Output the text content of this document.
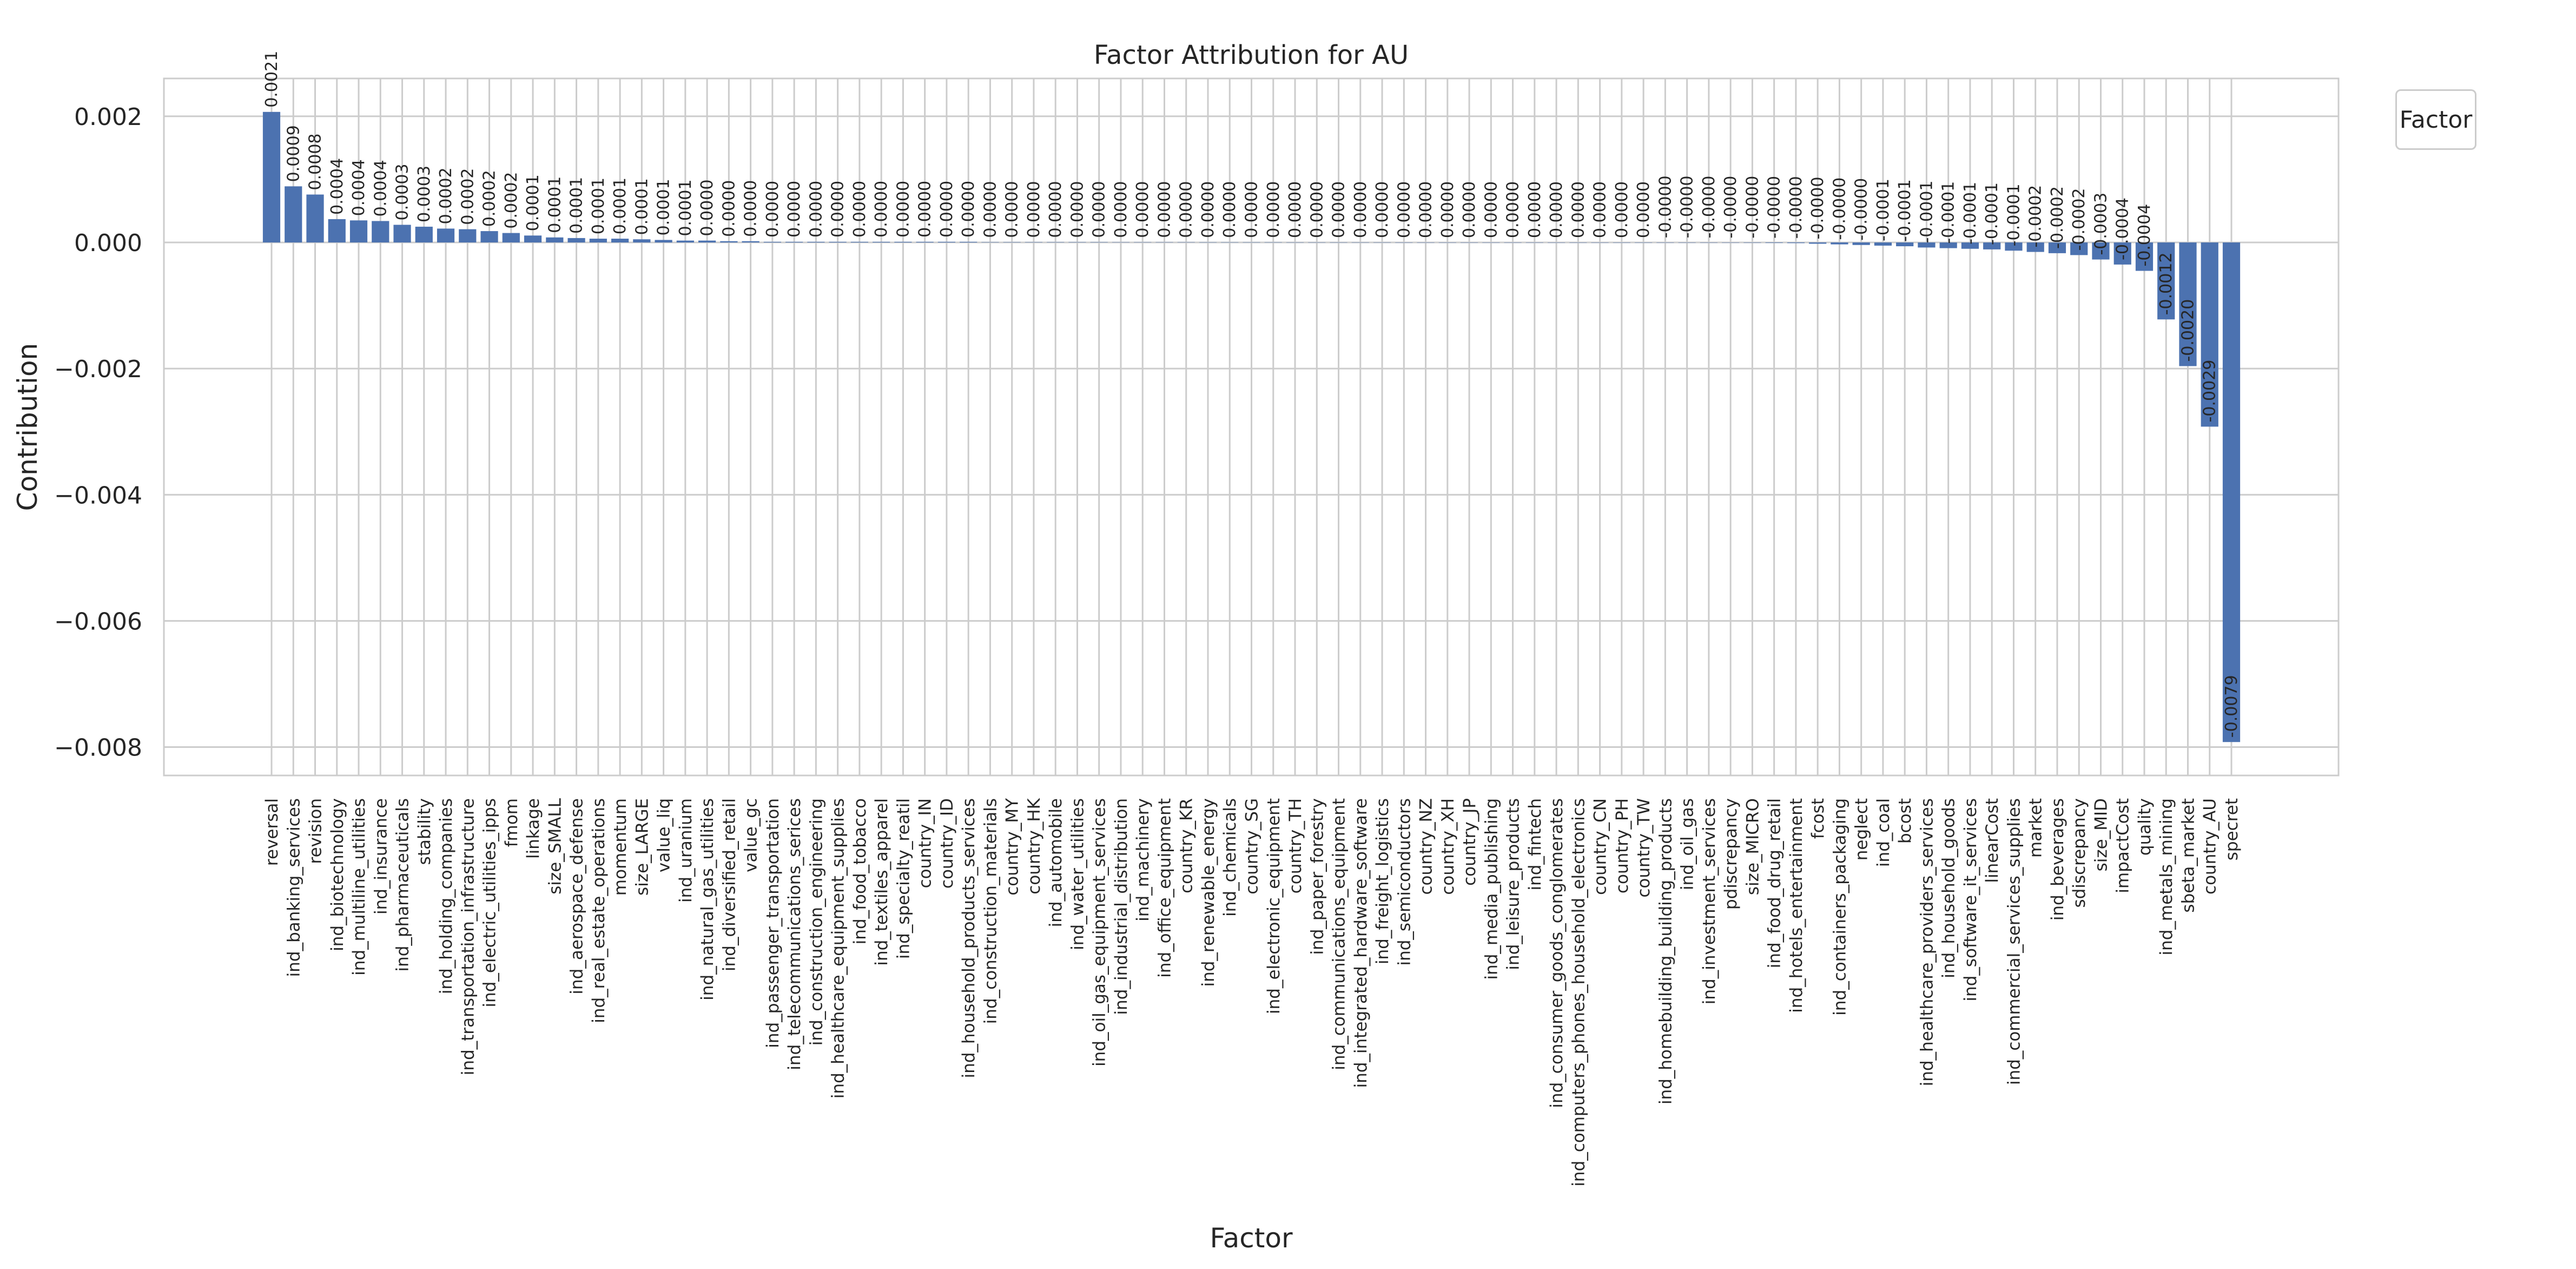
0.0021
0.0009 0.0008 0.0004 0.0004 0.0004 0.0003 0.0003 0.0002 0.0002 0.0002 0.0002 0.0001 0.0001 0.0001 0.0001 0.0001 0.0001 0.0001 0.0001 0.0000 0.0000 0.0000 0.0000 0.0000 0.0000 0.0000 0.0000 0.0000 0.0000 0.0000 0.0000 0.0000 0.0000 0.0000 0.0000 0.0000 0.0000 0.0000 0.0000 0.0000 0.0000 0.0000 0.0000 0.0000 0.0000 0.0000 0.0000 0.0000 0.0000 0.0000 0.0000 0.0000 0.0000 0.0000 0.0000 0.0000 0.0000 0.0000 0.0000 0.0000 0.0000 0.0000 0.0000 -0.0000 -0.0000 -0.0000 -0.0000 -0.0000 -0.0000 -0.0000 -0.0000 -0.0000 -0.0000 -0.0001 -0.0001 -0.0001 -0.0001 -0.0001 -0.0001 -0.0001 -0.0002 -0.0002 -0.0002 -0.0003 -0.0004 -0.0004
-0.0012
-0.0020
-0.0029
-0.0079
0.002
0.000
−0.002
−0.004
−0.006
−0.008
reversal ind_banking_services revision ind_biotechnology ind_multiline_utilities ind_insurance ind_pharmaceuticals stability ind_holding_companies ind_transportation_infrastructure ind_electric_utilities_ipps fmom linkage size_SMALL ind_aerospace_defense ind_real_estate_operations momentum size_LARGE value_liq ind_uranium ind_natural_gas_utilities ind_diversified_retail value_gc ind_passenger_transportation ind_telecommunications_serices ind_construction_engineering ind_healthcare_equipment_supplies ind_food_tobacco ind_textiles_apparel ind_specialty_reatil country_IN country_ID ind_household_products_services ind_construction_materials country_MY country_HK ind_automobile ind_water_utilities ind_oil_gas_equipment_services ind_industrial_distribution ind_machinery ind_office_equipment country_KR ind_renewable_energy ind_chemicals country_SG ind_electronic_equipment country_TH ind_paper_forestry ind_communications_equipment ind_integrated_hardware_software ind_freight_logistics ind_semiconductors country_NZ country_XH country_JP ind_media_publishing ind_leisure_products ind_fintech ind_consumer_goods_conglomerates ind_computers_phones_household_electronics country_CN country_PH country_TW ind_homebuilding_building_products ind_oil_gas ind_investment_services pdiscrepancy size_MICRO ind_food_drug_retail ind_hotels_entertainment fcost ind_containers_packaging neglect ind_coal bcost ind_healthcare_providers_services ind_household_goods ind_software_it_services linearCost ind_commercial_services_supplies market ind_beverages sdiscrepancy size_MID impactCost quality ind_metals_mining sbeta_market country_AU specret
Factor Attribution for AU
Contribution
Factor
Factor
